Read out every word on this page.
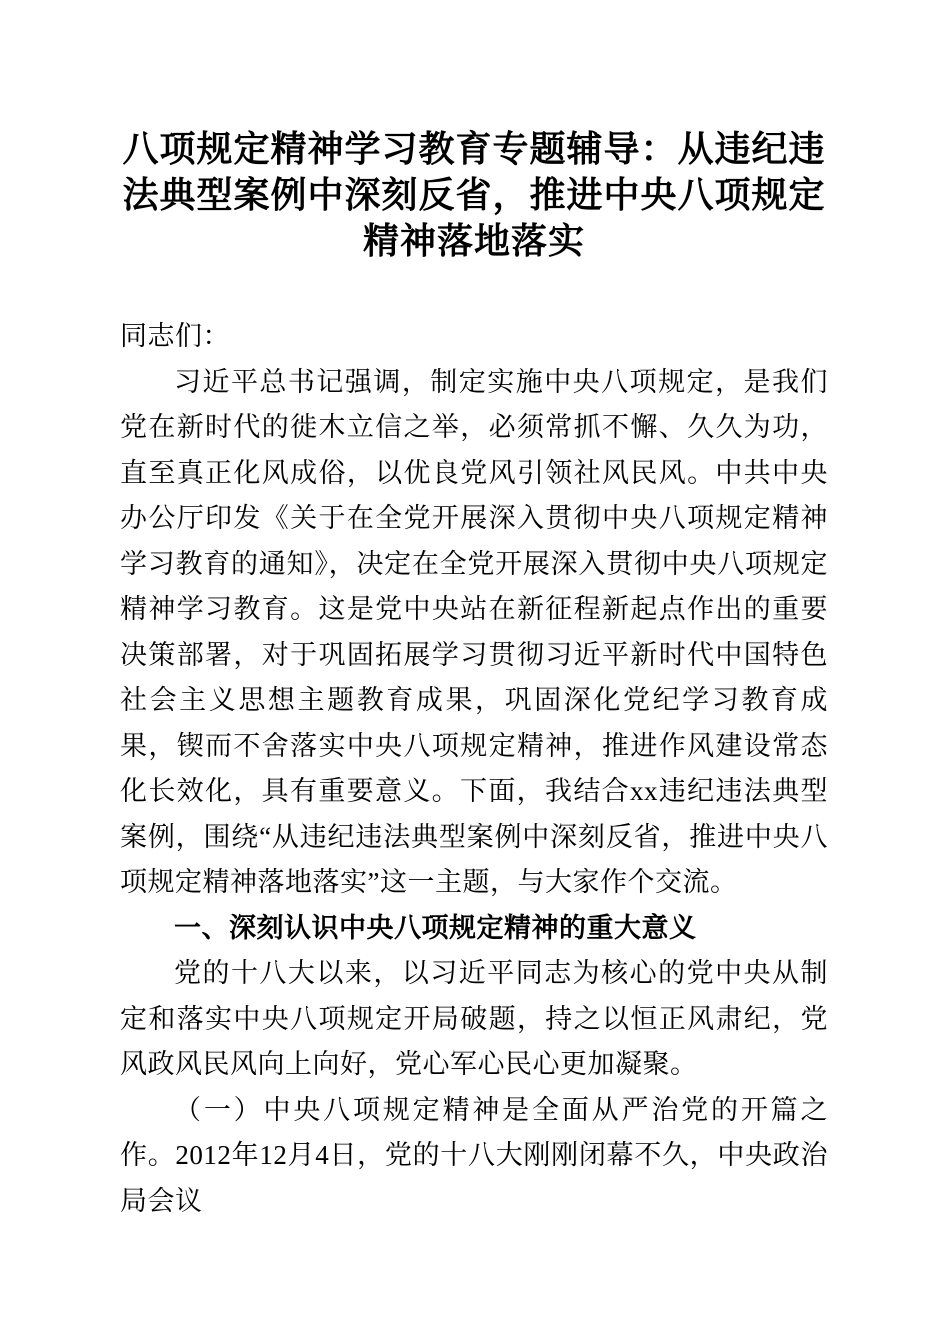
八项规定精神学习教育专题辅导：从违纪违法典型案例中深刻反省，推进中央八项规定精神落地落实

同志们：

习近平总书记强调，制定实施中央八项规定，是我们党在新时代的徙木立信之举，必须常抓不懈、久久为功，直至真正化风成俗，以优良党风引领社风民风。中共中央办公厅印发《关于在全党开展深入贯彻中央八项规定精神学习教育的通知》，决定在全党开展深入贯彻中央八项规定精神学习教育。这是党中央站在新征程新起点作出的重要决策部署，对于巩固拓展学习贯彻习近平新时代中国特色社会主义思想主题教育成果，巩固深化党纪学习教育成果，锲而不舍落实中央八项规定精神，推进作风建设常态化长效化，具有重要意义。下面，我结合xx违纪违法典型案例，围绕“从违纪违法典型案例中深刻反省，推进中央八项规定精神落地落实”这一主题，与大家作个交流。

一、深刻认识中央八项规定精神的重大意义

党的十八大以来，以习近平同志为核心的党中央从制定和落实中央八项规定开局破题，持之以恒正风肃纪，党风政风民风向上向好，党心军心民心更加凝聚。

（一）中央八项规定精神是全面从严治党的开篇之作。2012年12月4日，党的十八大刚刚闭幕不久，中央政治局会议
